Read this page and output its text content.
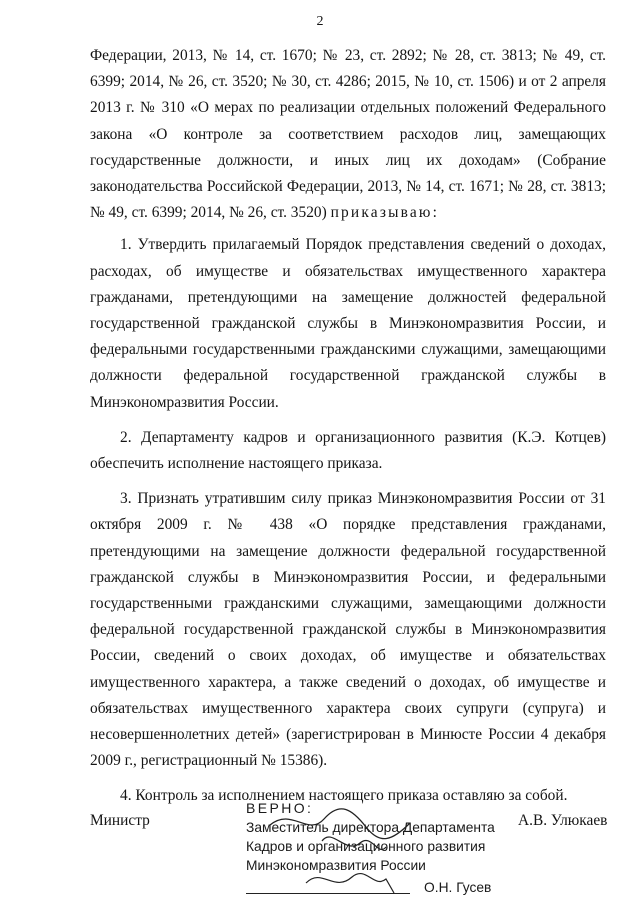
2

Федерации, 2013, № 14, ст. 1670; № 23, ст. 2892; № 28, ст. 3813; № 49, ст. 6399; 2014, № 26, ст. 3520; № 30, ст. 4286; 2015, № 10, ст. 1506) и от 2 апреля 2013 г. № 310 «О мерах по реализации отдельных положений Федерального закона «О контроле за соответствием расходов лиц, замещающих государственные должности, и иных лиц их доходам» (Собрание законодательства Российской Федерации, 2013, № 14, ст. 1671; № 28, ст. 3813; № 49, ст. 6399; 2014, № 26, ст. 3520) приказываю:

1. Утвердить прилагаемый Порядок представления сведений о доходах, расходах, об имуществе и обязательствах имущественного характера гражданами, претендующими на замещение должностей федеральной государственной гражданской службы в Минэкономразвития России, и федеральными государственными гражданскими служащими, замещающими должности федеральной государственной гражданской службы в Минэкономразвития России.

2. Департаменту кадров и организационного развития (К.Э. Котцев) обеспечить исполнение настоящего приказа.

3. Признать утратившим силу приказ Минэкономразвития России от 31 октября 2009 г. № 438 «О порядке представления гражданами, претендующими на замещение должности федеральной государственной гражданской службы в Минэкономразвития России, и федеральными государственными гражданскими служащими, замещающими должности федеральной государственной гражданской службы в Минэкономразвития России, сведений о своих доходах, об имуществе и обязательствах имущественного характера, а также сведений о доходах, об имуществе и обязательствах имущественного характера своих супруги (супруга) и несовершеннолетних детей» (зарегистрирован в Минюсте России 4 декабря 2009 г., регистрационный № 15386).

4. Контроль за исполнением настоящего приказа оставляю за собой.

Министр	А.В. Улюкаев
ВЕРНО:
Заместитель директора Департамента
Кадров и организационного развития
Минэкономразвития России
О.Н. Гусев
